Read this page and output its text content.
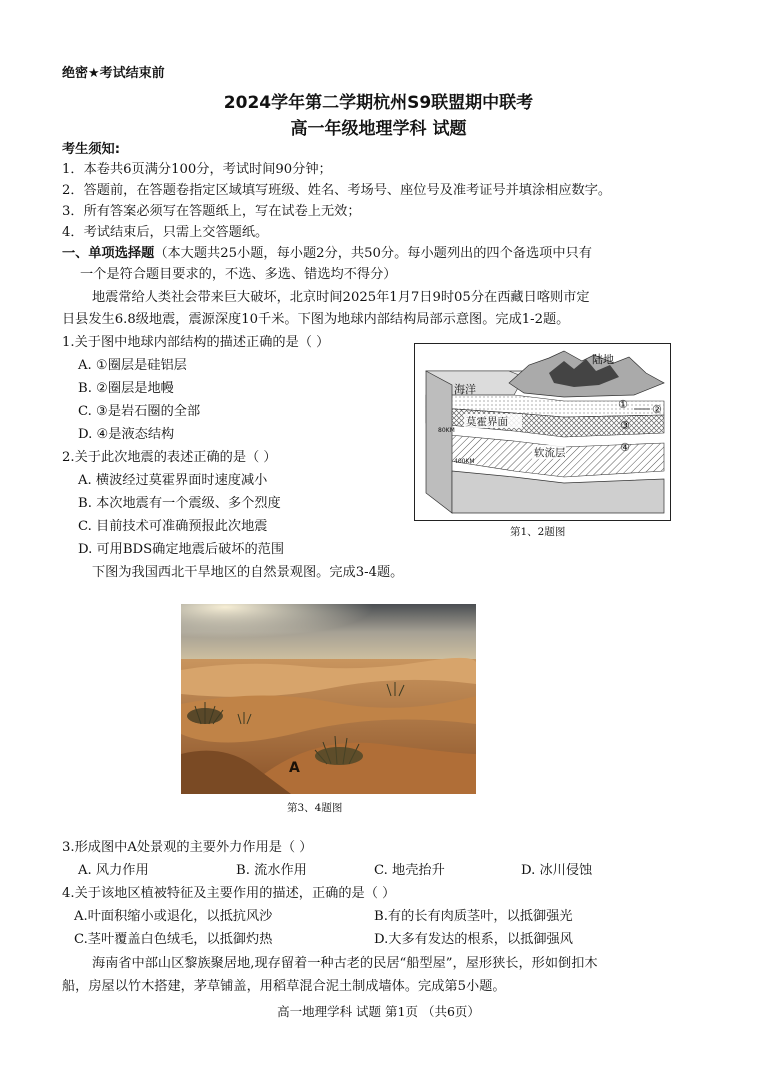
绝密★考试结束前
2024学年第二学期杭州S9联盟期中联考
高一年级地理学科 试题
考生须知:
1．本卷共6页满分100分，考试时间90分钟；
2．答题前，在答题卷指定区域填写班级、姓名、考场号、座位号及准考证号并填涂相应数字。
3．所有答案必须写在答题纸上，写在试卷上无效；
4．考试结束后，只需上交答题纸。
一、单项选择题（本大题共25小题，每小题2分，共50分。每小题列出的四个备选项中只有
一个是符合题目要求的，不选、多选、错选均不得分）
地震常给人类社会带来巨大破坏，北京时间2025年1月7日9时05分在西藏日喀则市定
日县发生6.8级地震，震源深度10千米。下图为地球内部结构局部示意图。完成1-2题。
1.关于图中地球内部结构的描述正确的是（ ）
A. ①圈层是硅铝层
B. ②圈层是地幔
C. ③是岩石圈的全部
D. ④是液态结构
2.关于此次地震的表述正确的是（ ）
A. 横波经过莫霍界面时速度减小
B. 本次地震有一个震级、多个烈度
C. 目前技术可准确预报此次地震
D. 可用BDS确定地震后破坏的范围
海洋
陆地
莫霍界面
80KM
400KM
软流层
① ②
③
④
第1、2题图
下图为我国西北干旱地区的自然景观图。完成3-4题。
A
第3、4题图
3.形成图中A处景观的主要外力作用是（ ）
A. 风力作用	B. 流水作用	C. 地壳抬升	D. 冰川侵蚀
4.关于该地区植被特征及主要作用的描述，正确的是（ ）
A.叶面积缩小或退化，以抵抗风沙	B.有的长有肉质茎叶，以抵御强光
C.茎叶覆盖白色绒毛，以抵御灼热	D.大多有发达的根系，以抵御强风
海南省中部山区黎族聚居地,现存留着一种古老的民居“船型屋”，屋形狭长，形如倒扣木
船，房屋以竹木搭建，茅草铺盖，用稻草混合泥土制成墙体。完成第5小题。
高一地理学科 试题 第1页 （共6页）
